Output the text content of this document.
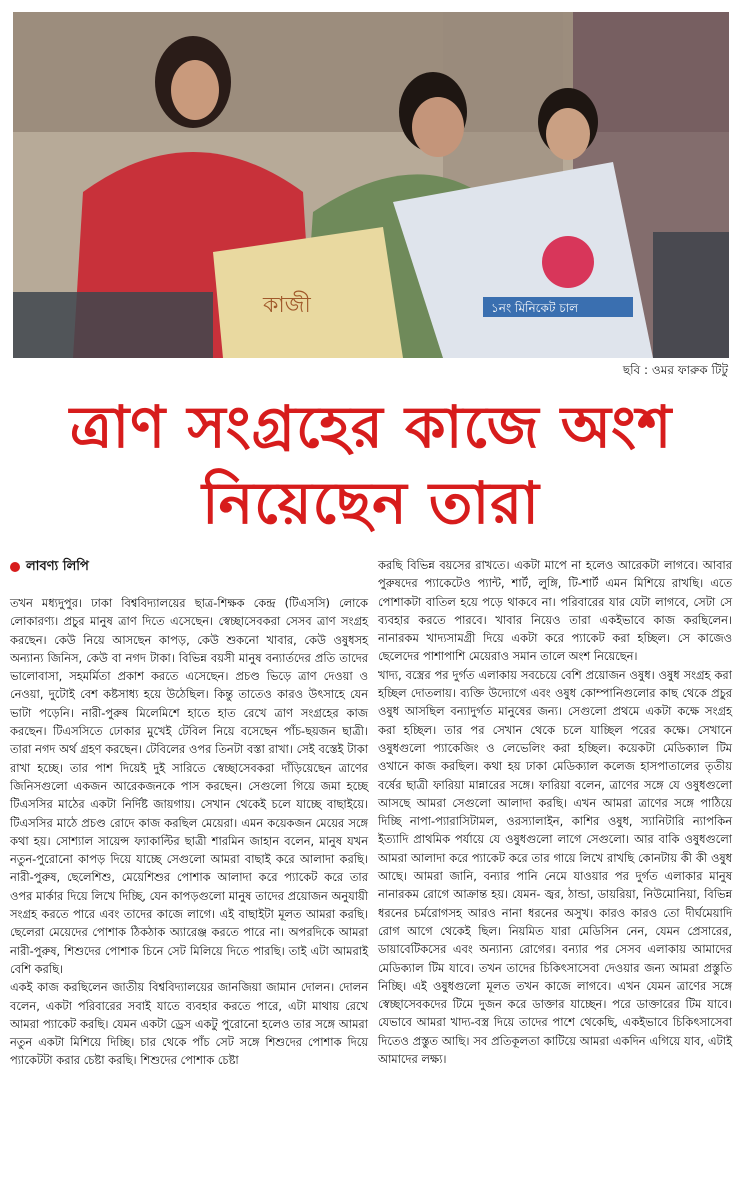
১নং মিনিকেট চাল
কাজী
ছবি : ওমর ফারুক টিটু
ত্রাণ সংগ্রহের কাজে অংশ
নিয়েছেন তারা
লাবণ্য লিপি

তখন মধ্যদুপুর। ঢাকা বিশ্ববিদ্যালয়ের ছাত্র-শিক্ষক কেন্দ্র (টিএসসি) লোকে লোকারণ্য। প্রচুর মানুষ ত্রাণ দিতে এসেছেন। স্বেচ্ছাসেবকরা সেসব ত্রাণ সংগ্রহ করছেন। কেউ নিয়ে আসছেন কাপড়, কেউ শুকনো খাবার, কেউ ওষুধসহ অন্যান্য জিনিস, কেউ বা নগদ টাকা। বিভিন্ন বয়সী মানুষ বন্যার্তদের প্রতি তাদের ভালোবাসা, সহমর্মিতা প্রকাশ করতে এসেছেন। প্রচণ্ড ভিড়ে ত্রাণ দেওয়া ও নেওয়া, দুটোই বেশ কষ্টসাধ্য হয়ে উঠেছিল। কিন্তু তাতেও কারও উৎসাহে যেন ভাটা পড়েনি। নারী-পুরুষ মিলেমিশে হাতে হাত রেখে ত্রাণ সংগ্রহের কাজ করছেন। টিএসসিতে ঢোকার মুখেই টেবিল নিয়ে বসেছেন পাঁচ-ছয়জন ছাত্রী। তারা নগদ অর্থ গ্রহণ করছেন। টেবিলের ওপর তিনটা বস্তা রাখা। সেই বস্তেই টাকা রাখা হচ্ছে। তার পাশ দিয়েই দুই সারিতে স্বেচ্ছাসেবকরা দাঁড়িয়েছেন ত্রাণের জিনিসগুলো একজন আরেকজনকে পাস করছেন। সেগুলো গিয়ে জমা হচ্ছে টিএসসির মাঠের একটা নির্দিষ্ট জায়গায়। সেখান থেকেই চলে যাচ্ছে বাছাইয়ে। টিএসসির মাঠে প্রচণ্ড রোদে কাজ করছিল মেয়েরা। এমন কয়েকজন মেয়ের সঙ্গে কথা হয়। সোশ্যাল সায়েন্স ফ্যাকাল্টির ছাত্রী শারমিন জাহান বলেন, মানুষ যখন নতুন-পুরোনো কাপড় দিয়ে যাচ্ছে সেগুলো আমরা বাছাই করে আলাদা করছি। নারী-পুরুষ, ছেলেশিশু, মেয়েশিশুর পোশাক আলাদা করে প্যাকেট করে তার ওপর মার্কার দিয়ে লিখে দিচ্ছি, যেন কাপড়গুলো মানুষ তাদের প্রয়োজন অনুযায়ী সংগ্রহ করতে পারে এবং তাদের কাজে লাগে। এই বাছাইটা মূলত আমরা করছি। ছেলেরা মেয়েদের পোশাক ঠিকঠাক অ্যারেঞ্জ করতে পারে না। অপরদিকে আমরা নারী-পুরুষ, শিশুদের পোশাক চিনে সেট মিলিয়ে দিতে পারছি। তাই এটা আমরাই বেশি করছি।

একই কাজ করছিলেন জাতীয় বিশ্ববিদ্যালয়ের জানজিয়া জামান দোলন। দোলন বলেন, একটা পরিবারের সবাই যাতে ব্যবহার করতে পারে, এটা মাথায় রেখে আমরা প্যাকেট করছি। যেমন একটা ড্রেস একটু পুরোনো হলেও তার সঙ্গে আমরা নতুন একটা মিশিয়ে দিচ্ছি। চার থেকে পাঁচ সেট সঙ্গে শিশুদের পোশাক দিয়ে প্যাকেটটা করার চেষ্টা করছি। শিশুদের পোশাক চেষ্টা

করছি বিভিন্ন বয়সের রাখতে। একটা মাপে না হলেও আরেকটা লাগবে। আবার পুরুষদের প্যাকেটেও প্যান্ট, শার্ট, লুঙ্গি, টি-শার্ট এমন মিশিয়ে রাখছি। এতে পোশাকটা বাতিল হয়ে পড়ে থাকবে না। পরিবারের যার যেটা লাগবে, সেটা সে ব্যবহার করতে পারবে। খাবার নিয়েও তারা একইভাবে কাজ করছিলেন। নানারকম খাদ্যসামগ্রী দিয়ে একটা করে প্যাকেট করা হচ্ছিল। সে কাজেও ছেলেদের পাশাপাশি মেয়েরাও সমান তালে অংশ নিয়েছেন।

খাদ্য, বস্ত্রের পর দুর্গত এলাকায় সবচেয়ে বেশি প্রয়োজন ওষুধ। ওষুধ সংগ্রহ করা হচ্ছিল দোতলায়। ব্যক্তি উদ্যোগে এবং ওষুধ কোম্পানিগুলোর কাছ থেকে প্রচুর ওষুধ আসছিল বন্যাদুর্গত মানুষের জন্য। সেগুলো প্রথমে একটা কক্ষে সংগ্রহ করা হচ্ছিল। তার পর সেখান থেকে চলে যাচ্ছিল পরের কক্ষে। সেখানে ওষুধগুলো প্যাকেজিং ও লেভেলিং করা হচ্ছিল। কয়েকটা মেডিক্যাল টিম ওখানে কাজ করছিল। কথা হয় ঢাকা মেডিক্যাল কলেজ হাসপাতালের তৃতীয় বর্ষের ছাত্রী ফারিয়া মান্নারের সঙ্গে। ফারিয়া বলেন, ত্রাণের সঙ্গে যে ওষুধগুলো আসছে আমরা সেগুলো আলাদা করছি। এখন আমরা ত্রাণের সঙ্গে পাঠিয়ে দিচ্ছি নাপা-প্যারাসিটামল, ওরস্যালাইন, কাশির ওষুধ, স্যানিটারি ন্যাপকিন ইত্যাদি প্রাথমিক পর্যায়ে যে ওষুধগুলো লাগে সেগুলো। আর বাকি ওষুধগুলো আমরা আলাদা করে প্যাকেট করে তার গায়ে লিখে রাখছি কোনটায় কী কী ওষুধ আছে। আমরা জানি, বন্যার পানি নেমে যাওয়ার পর দুর্গত এলাকার মানুষ নানারকম রোগে আক্রান্ত হয়। যেমন- জ্বর, ঠান্ডা, ডায়রিয়া, নিউমোনিয়া, বিভিন্ন ধরনের চর্মরোগসহ আরও নানা ধরনের অসুখ। কারও কারও তো দীর্ঘমেয়াদি রোগ আগে থেকেই ছিল। নিয়মিত যারা মেডিসিন নেন, যেমন প্রেসারের, ডায়াবেটিকসের এবং অন্যান্য রোগের। বন্যার পর সেসব এলাকায় আমাদের মেডিক্যাল টিম যাবে। তখন তাদের চিকিৎসাসেবা দেওয়ার জন্য আমরা প্রস্তুতি নিচ্ছি। এই ওষুধগুলো মূলত তখন কাজে লাগবে। এখন যেমন ত্রাণের সঙ্গে স্বেচ্ছাসেবকদের টিমে দুজন করে ডাক্তার যাচ্ছেন। পরে ডাক্তারের টিম যাবে। যেভাবে আমরা খাদ্য-বস্ত্র দিয়ে তাদের পাশে থেকেছি, একইভাবে চিকিৎসাসেবা দিতেও প্রস্তুত আছি। সব প্রতিকূলতা কাটিয়ে আমরা একদিন এগিয়ে যাব, এটাই আমাদের লক্ষ্য।
